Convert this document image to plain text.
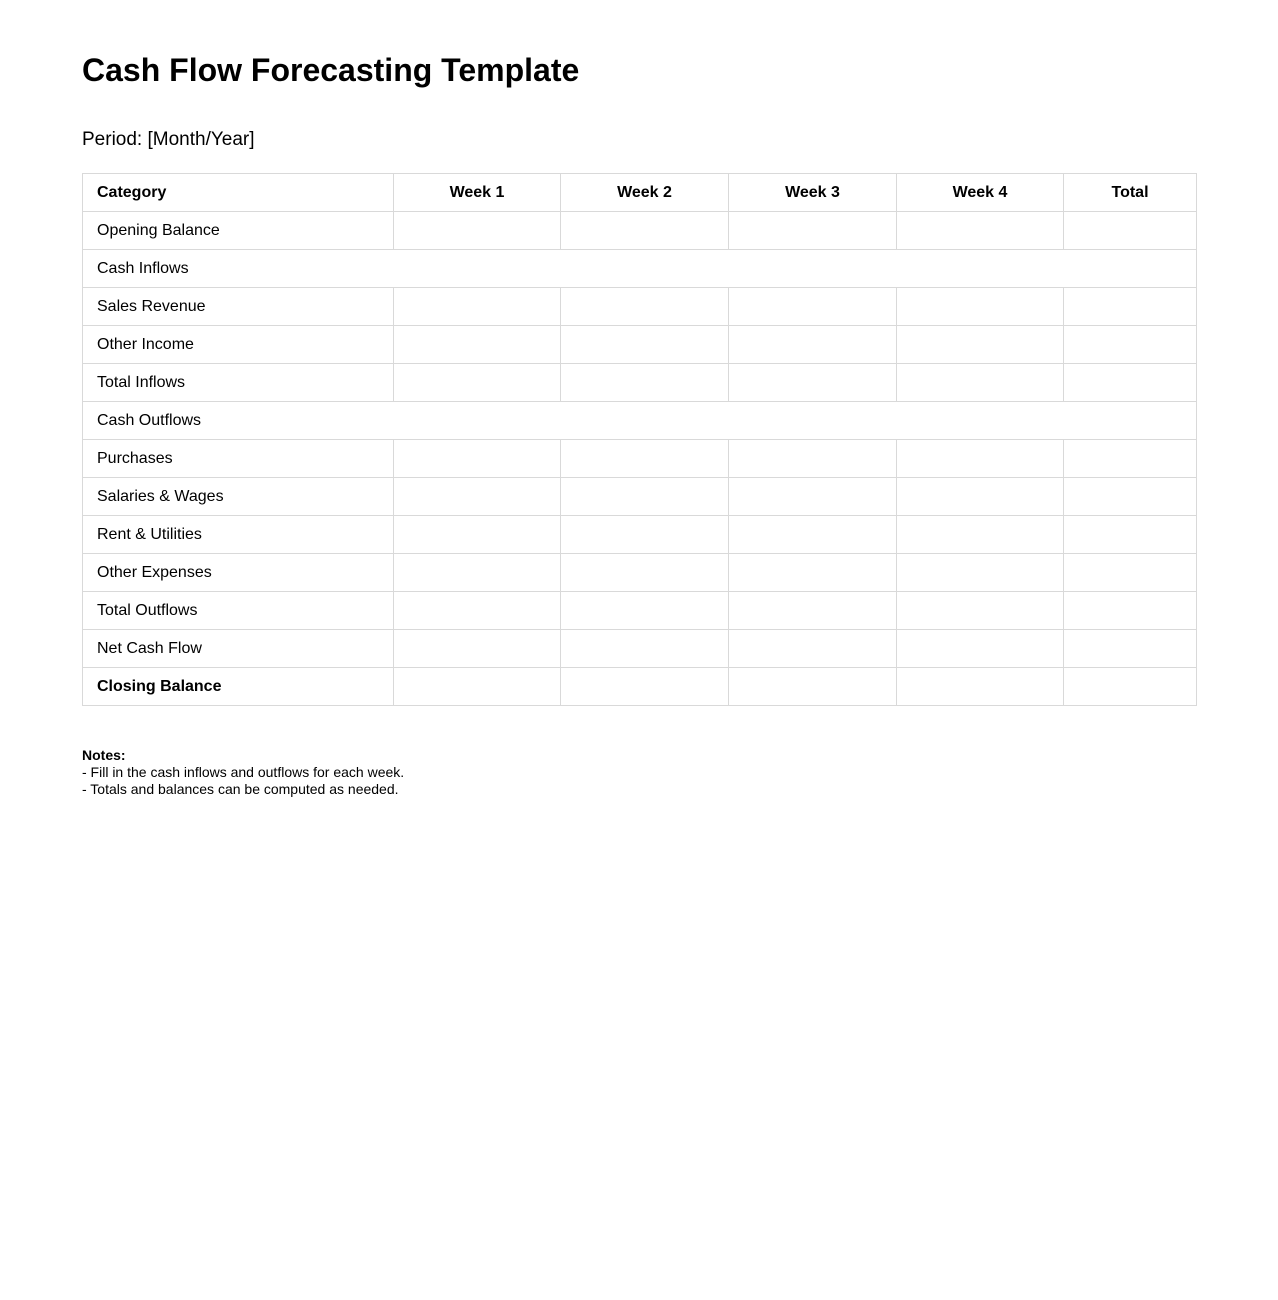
Cash Flow Forecasting Template
Period: [Month/Year]
Category	Week 1	Week 2	Week 3	Week 4	Total
Opening Balance					
Cash Inflows					
Sales Revenue					
Other Income					
Total Inflows					
Cash Outflows					
Purchases					
Salaries & Wages					
Rent & Utilities					
Other Expenses					
Total Outflows					
Net Cash Flow					
Closing Balance					
Notes:
- Fill in the cash inflows and outflows for each week.
- Totals and balances can be computed as needed.
